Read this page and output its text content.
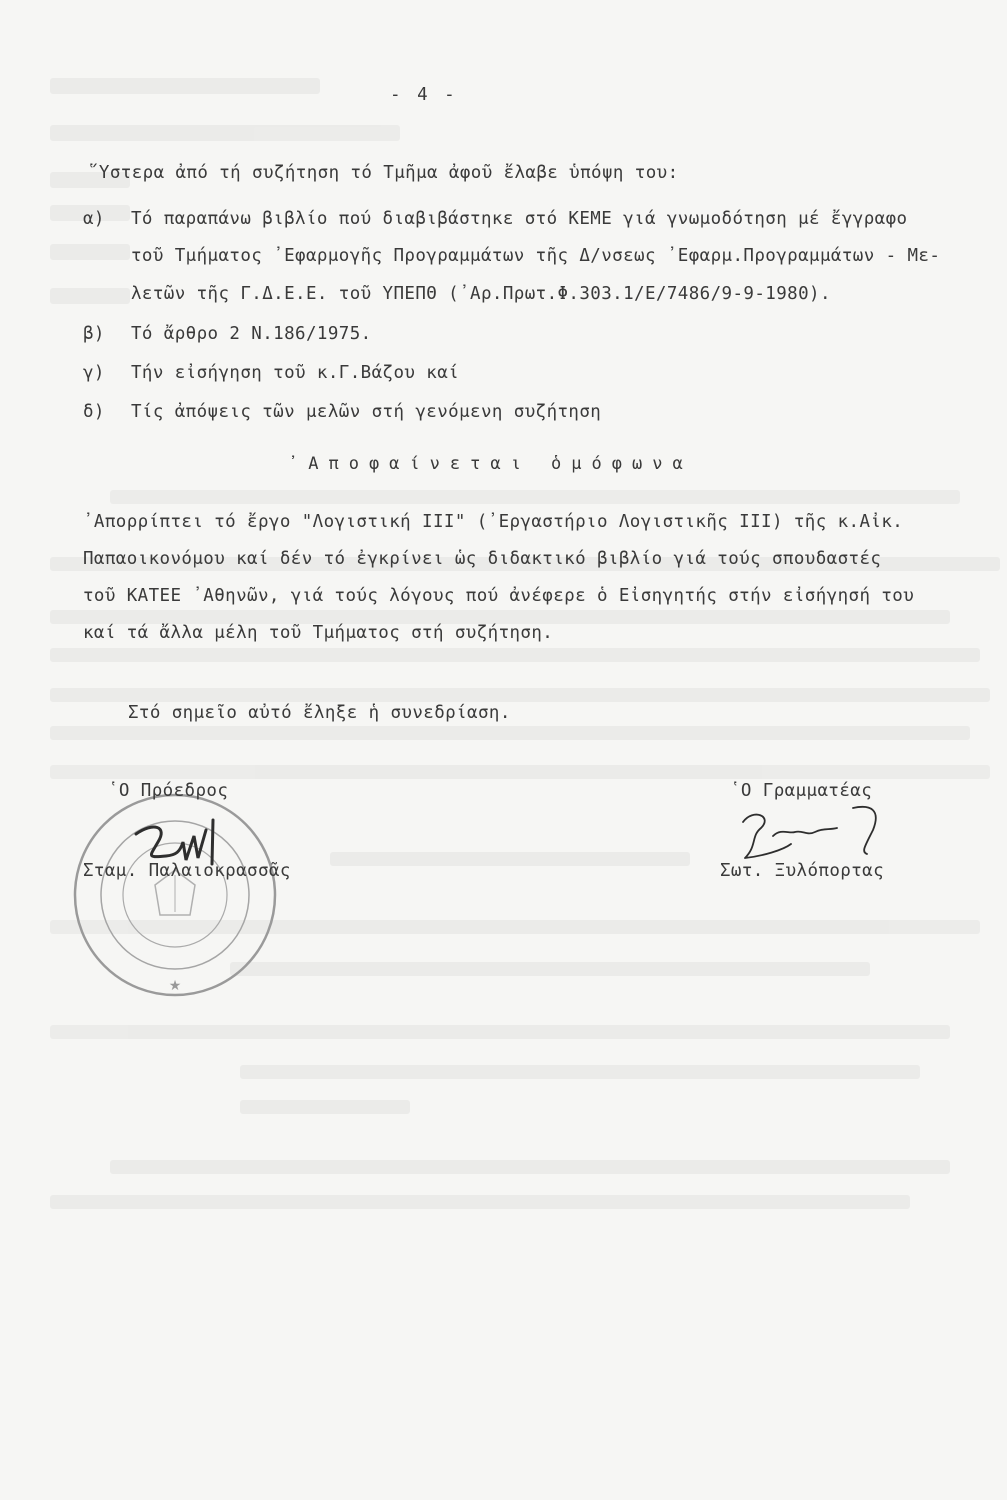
- 4 -
῞Υστερα ἀπό τή συζήτηση τό Τμῆμα ἀφοῦ ἔλαβε ὑπόψη του:
α) Τό παραπάνω βιβλίο πού διαβιβάστηκε στό ΚΕΜΕ γιά γνωμοδότηση μέ ἔγγραφο
τοῦ Τμήματος ᾽Εφαρμογῆς Προγραμμάτων τῆς Δ/νσεως ᾽Εφαρμ.Προγραμμάτων - Με-
λετῶν τῆς Γ.Δ.Ε.Ε. τοῦ ΥΠΕΠΘ (᾽Αρ.Πρωτ.Φ.303.1/Ε/7486/9-9-1980).
β) Τό ἄρθρο 2 Ν.186/1975.
γ) Τήν εἰσήγηση τοῦ κ.Γ.Βάζου καί
δ) Τίς ἀπόψεις τῶν μελῶν στή γενόμενη συζήτηση
᾽Αποφαίνεται ὁμόφωνα
᾽Απορρίπτει τό ἔργο "Λογιστική ΙΙΙ" (᾽Εργαστήριο Λογιστικῆς ΙΙΙ) τῆς κ.Αἰκ.
Παπαοικονόμου καί δέν τό ἐγκρίνει ὡς διδακτικό βιβλίο γιά τούς σπουδαστές
τοῦ ΚΑΤΕΕ ᾽Αθηνῶν, γιά τούς λόγους πού ἀνέφερε ὁ Εἰσηγητής στήν εἰσήγησή του
καί τά ἄλλα μέλη τοῦ Τμήματος στή συζήτηση.
Στό σημεῖο αὐτό ἔληξε ἡ συνεδρίαση.
★
῾Ο Πρόεδρος
Σταμ. Παλαιοκρασσᾶς
῾Ο Γραμματέας
Σωτ. Ξυλόπορτας
